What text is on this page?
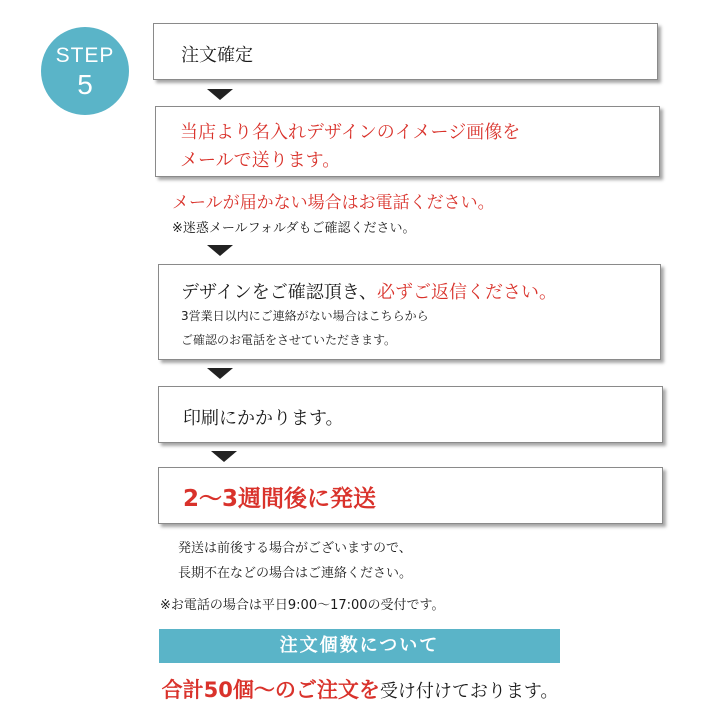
STEP
5
注文確定
当店より名入れデザインのイメージ画像を
メールで送ります。
メールが届かない場合はお電話ください。
※迷惑メールフォルダもご確認ください。
デザインをご確認頂き、必ずご返信ください。
3営業日以内にご連絡がない場合はこちらから
ご確認のお電話をさせていただきます。
印刷にかかります。
2～3週間後に発送
発送は前後する場合がございますので、
長期不在などの場合はご連絡ください。
※お電話の場合は平日9:00～17:00の受付です。
注文個数について
合計50個～のご注文を受け付けております。
